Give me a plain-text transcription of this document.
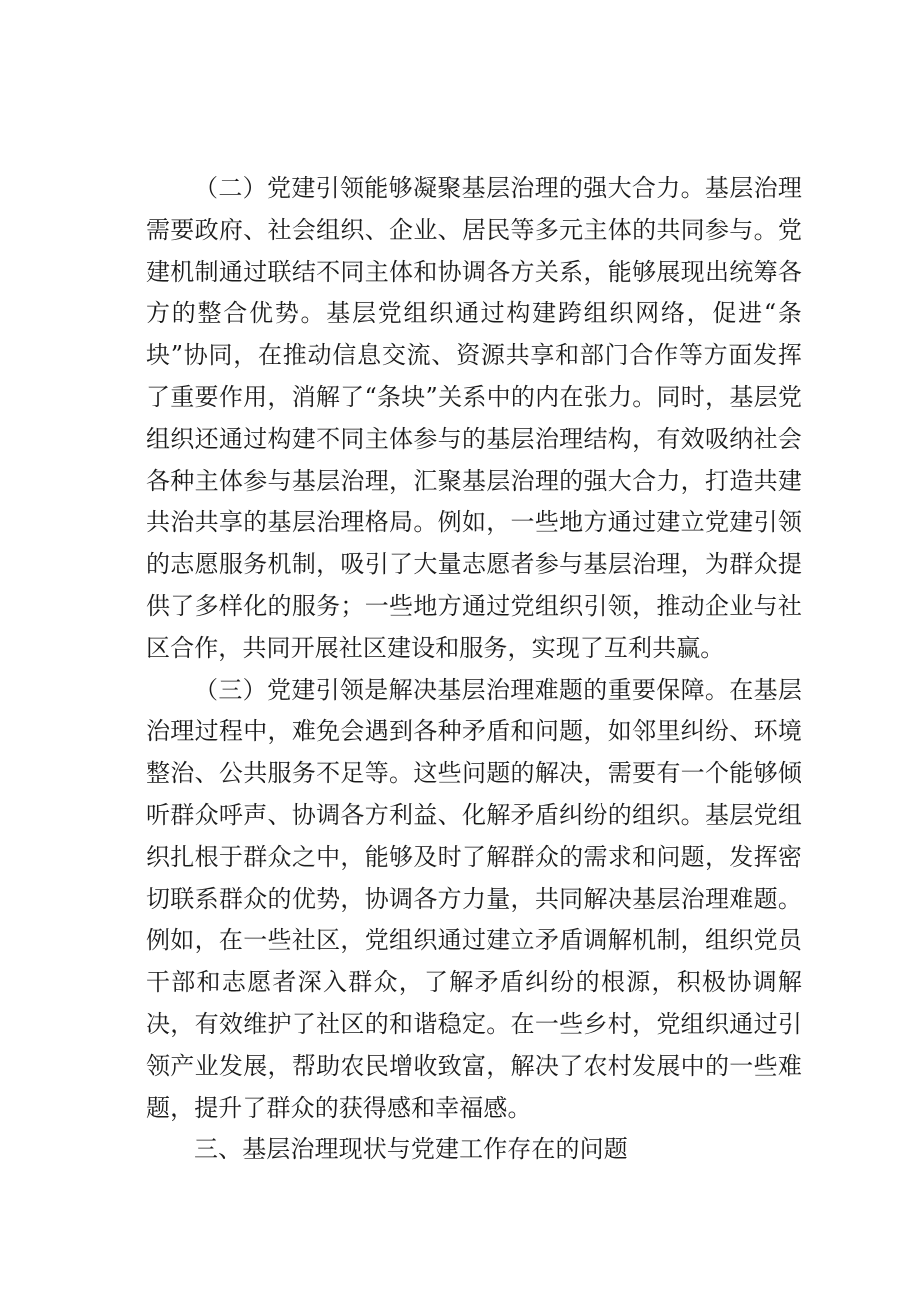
（二）党建引领能够凝聚基层治理的强大合力。基层治理需要政府、社会组织、企业、居民等多元主体的共同参与。党建机制通过联结不同主体和协调各方关系，能够展现出统筹各方的整合优势。基层党组织通过构建跨组织网络，促进“条块”协同，在推动信息交流、资源共享和部门合作等方面发挥了重要作用，消解了“条块”关系中的内在张力。同时，基层党组织还通过构建不同主体参与的基层治理结构，有效吸纳社会各种主体参与基层治理，汇聚基层治理的强大合力，打造共建共治共享的基层治理格局。例如，一些地方通过建立党建引领的志愿服务机制，吸引了大量志愿者参与基层治理，为群众提供了多样化的服务；一些地方通过党组织引领，推动企业与社区合作，共同开展社区建设和服务，实现了互利共赢。

（三）党建引领是解决基层治理难题的重要保障。在基层治理过程中，难免会遇到各种矛盾和问题，如邻里纠纷、环境整治、公共服务不足等。这些问题的解决，需要有一个能够倾听群众呼声、协调各方利益、化解矛盾纠纷的组织。基层党组织扎根于群众之中，能够及时了解群众的需求和问题，发挥密切联系群众的优势，协调各方力量，共同解决基层治理难题。例如，在一些社区，党组织通过建立矛盾调解机制，组织党员干部和志愿者深入群众，了解矛盾纠纷的根源，积极协调解决，有效维护了社区的和谐稳定。在一些乡村，党组织通过引领产业发展，帮助农民增收致富，解决了农村发展中的一些难题，提升了群众的获得感和幸福感。

三、基层治理现状与党建工作存在的问题
